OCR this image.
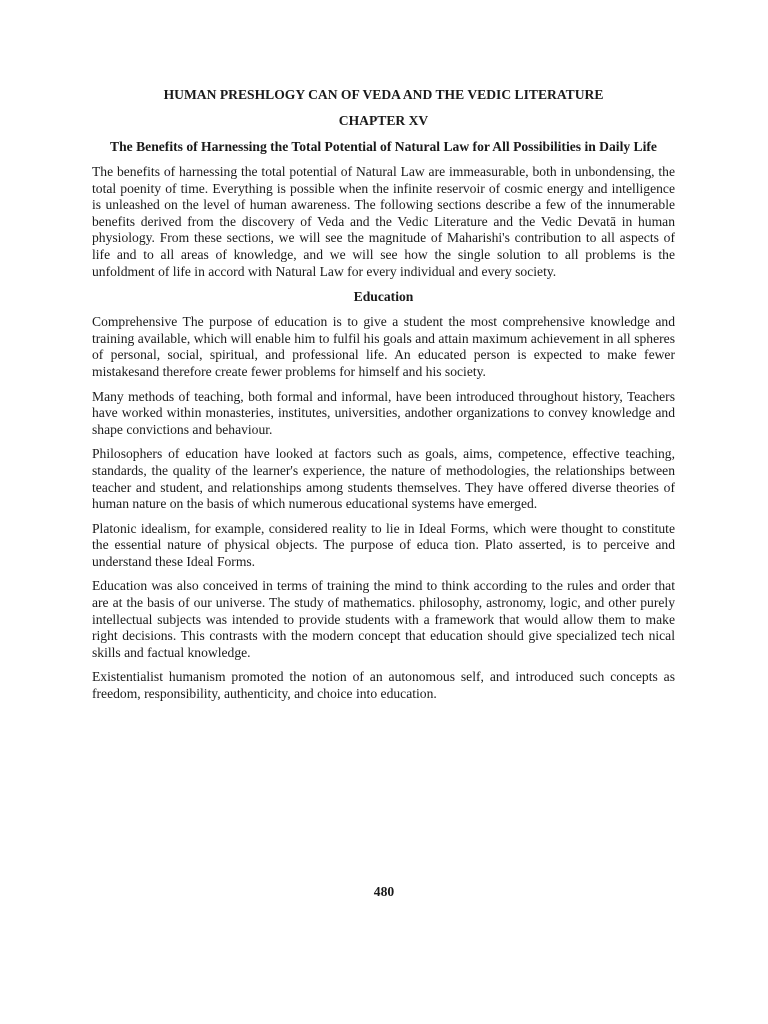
HUMAN PRESHLOGY CAN OF VEDA AND THE VEDIC LITERATURE
CHAPTER XV
The Benefits of Harnessing the Total Potential of Natural Law for All Possibilities in Daily Life

The benefits of harnessing the total potential of Natural Law are immeasurable, both in unbondensing, the total poenity of time. Everything is possible when the infinite reservoir of cosmic energy and intelligence is unleashed on the level of human awareness. The following sections describe a few of the innumerable benefits derived from the discovery of Veda and the Vedic Literature and the Vedic Devatā in human physiology. From these sections, we will see the magnitude of Maharishi's contribution to all aspects of life and to all areas of knowledge, and we will see how the single solution to all problems is the unfoldment of life in accord with Natural Law for every individual and every society.

Education

Comprehensive The purpose of education is to give a student the most comprehensive knowledge and training available, which will enable him to fulfil his goals and attain maximum achievement in all spheres of personal, social, spiritual, and professional life. An educated person is expected to make fewer mistakesand therefore create fewer problems for himself and his society.

Many methods of teaching, both formal and informal, have been introduced throughout history, Teachers have worked within monasteries, institutes, universities, andother organizations to convey knowledge and shape convictions and behaviour.

Philosophers of education have looked at factors such as goals, aims, competence, effective teaching, standards, the quality of the learner's experience, the nature of methodologies, the relationships between teacher and student, and relationships among students themselves. They have offered diverse theories of human nature on the basis of which numerous educational systems have emerged.

Platonic idealism, for example, considered reality to lie in Ideal Forms, which were thought to constitute the essential nature of physical objects. The purpose of educa tion. Plato asserted, is to perceive and understand these Ideal Forms.

Education was also conceived in terms of training the mind to think according to the rules and order that are at the basis of our universe. The study of mathematics. philosophy, astronomy, logic, and other purely intellectual subjects was intended to provide students with a framework that would allow them to make right decisions. This contrasts with the modern concept that education should give specialized tech nical skills and factual knowledge.

Existentialist humanism promoted the notion of an autonomous self, and introduced such concepts as freedom, responsibility, authenticity, and choice into education.

480
